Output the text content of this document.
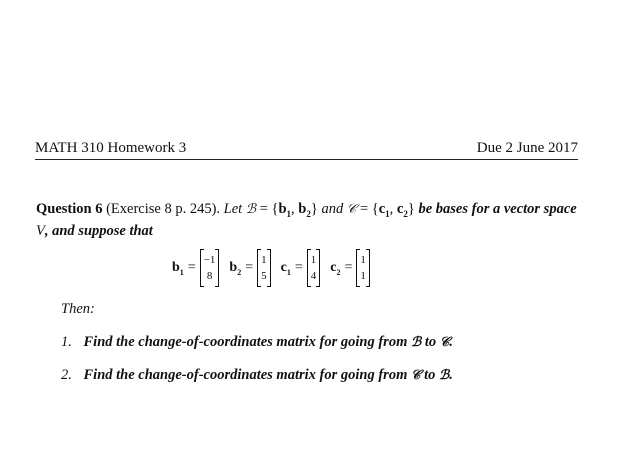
MATH 310 Homework 3	Due 2 June 2017
Question 6 (Exercise 8 p. 245). Let ℬ = {$b_1$, $b_2$} and 𝒞 = {$c_1$, $c_2$} be bases for a vector space V, and suppose that
$b_1 = -1$
8
$b_2 = 1$
5
$c_1 = 1$
4
$c_2 = 1$
1
Then:
1. Find the change-of-coordinates matrix for going from ℬ to 𝒞.
2. Find the change-of-coordinates matrix for going from 𝒞 to ℬ.
